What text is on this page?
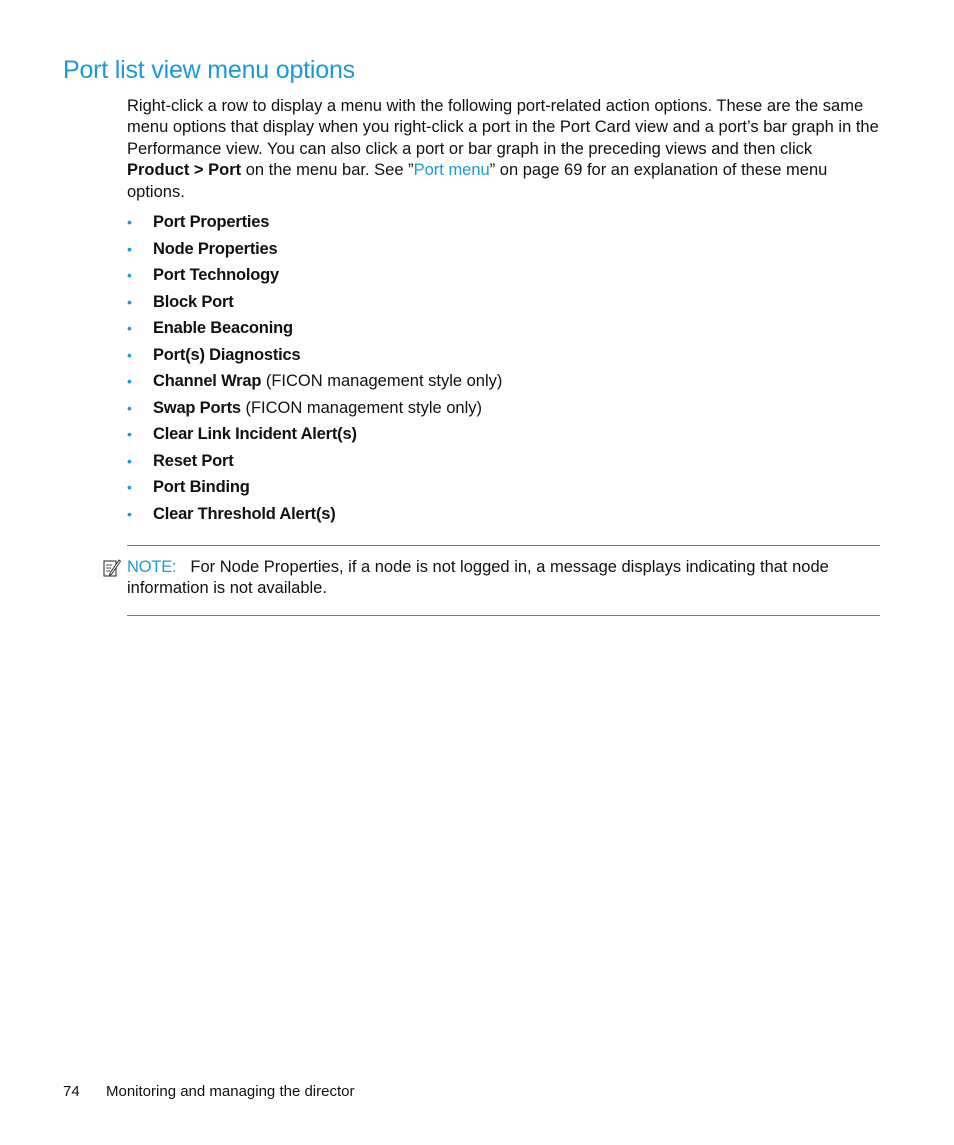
Port list view menu options

Right-click a row to display a menu with the following port-related action options. These are the same menu options that display when you right-click a port in the Port Card view and a port’s bar graph in the Performance view. You can also click a port or bar graph in the preceding views and then click Product > Port on the menu bar. See ”Port menu” on page 69 for an explanation of these menu options.

• Port Properties
• Node Properties
• Port Technology
• Block Port
• Enable Beaconing
• Port(s) Diagnostics
• Channel Wrap (FICON management style only)
• Swap Ports (FICON management style only)
• Clear Link Incident Alert(s)
• Reset Port
• Port Binding
• Clear Threshold Alert(s)

NOTE: For Node Properties, if a node is not logged in, a message displays indicating that node information is not available.

74 Monitoring and managing the director
